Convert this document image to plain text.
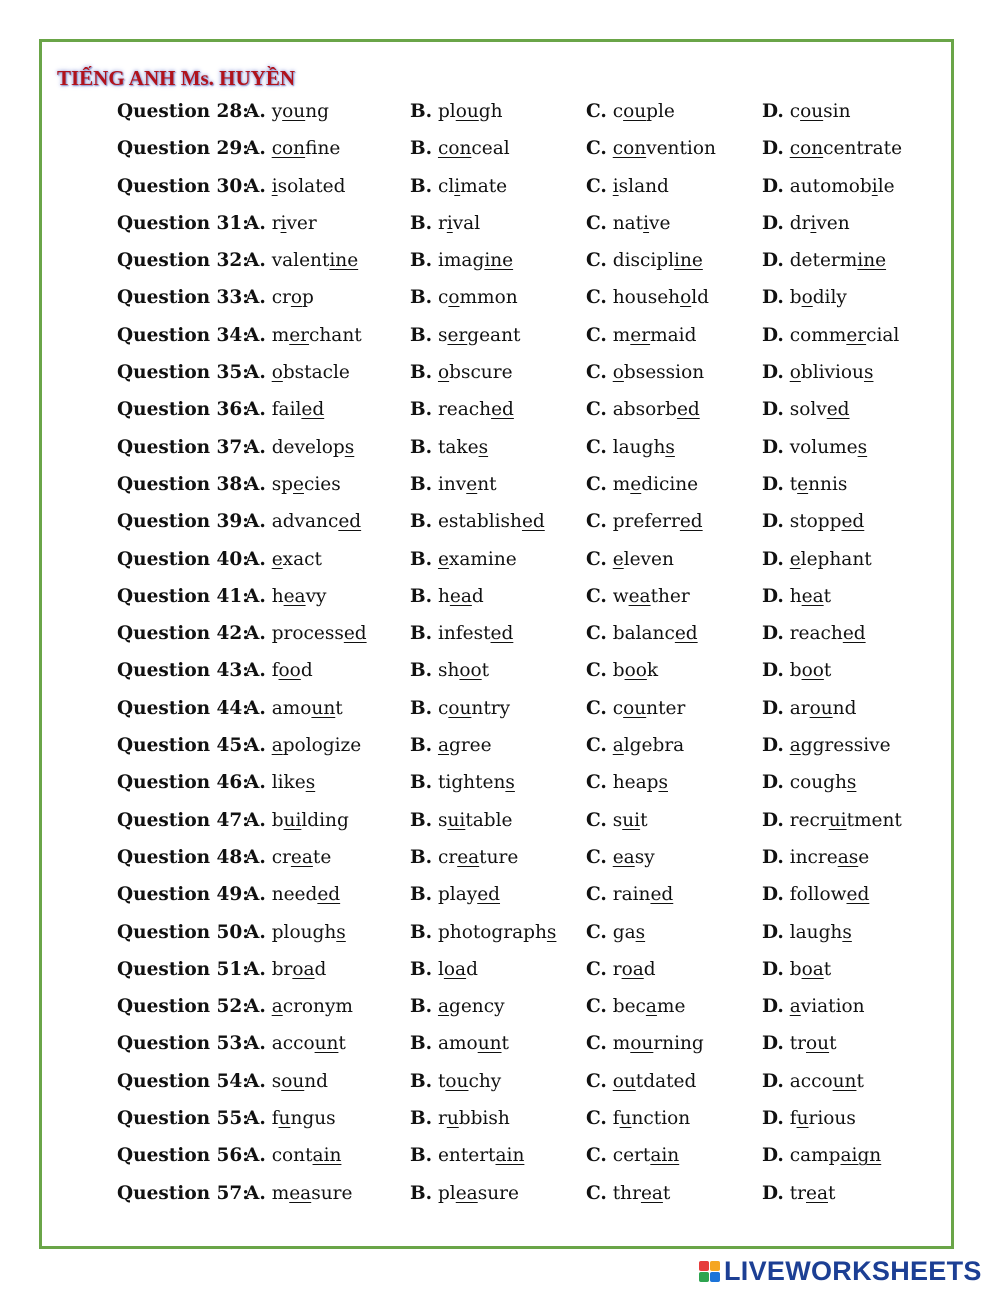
TIẾNG ANH Ms. HUYỀN
Question 28:
A. young	B. plough	C. couple	D. cousin
Question 29:
A. confine	B. conceal	C. convention D. concentrate
Question 30:
A. isolated	B. climate	C. island	D. automobile
Question 31:
A. river	B. rival	C. native	D. driven
Question 32:
A. valentine	B. imagine	C. discipline	D. determine
Question 33:
A. crop	B. common	C. household	D. bodily
Question 34:
A. merchant	B. sergeant	C. mermaid	D. commercial
Question 35:
A. obstacle	B. obscure	C. obsession	D. oblivious
Question 36:
A. failed	B. reached	C. absorbed	D. solved
Question 37:
A. develops	B. takes	C. laughs	D. volumes
Question 38:
A. species	B. invent	C. medicine	D. tennis
Question 39:
A. advanced	B. established C. preferred	D. stopped
Question 40:
A. exact	B. examine	C. eleven	D. elephant
Question 41:
A. heavy	B. head	C. weather	D. heat
Question 42:
A. processed B. infested	C. balanced	D. reached
Question 43:
A. food	B. shoot	C. book	D. boot
Question 44:
A. amount	B. country	C. counter	D. around
Question 45:
A. apologize	B. agree	C. algebra	D. aggressive
Question 46:
A. likes	B. tightens	C. heaps	D. coughs
Question 47:
A. building	B. suitable	C. suit	D. recruitment
Question 48:
A. create	B. creature	C. easy	D. increase
Question 49:
A. needed	B. played	C. rained	D. followed
Question 50:
A. ploughs	B. photographs C. gas	D. laughs
Question 51:
A. broad	B. load	C. road	D. boat
Question 52:
A. acronym	B. agency	C. became	D. aviation
Question 53:
A. account	B. amount	C. mourning	D. trout
Question 54:
A. sound	B. touchy	C. outdated	D. account
Question 55:
A. fungus	B. rubbish	C. function	D. furious
Question 56:
A. contain	B. entertain	C. certain	D. campaign
Question 57:
A. measure	B. pleasure	C. threat	D. treat
LIVEWORKSHEETS
